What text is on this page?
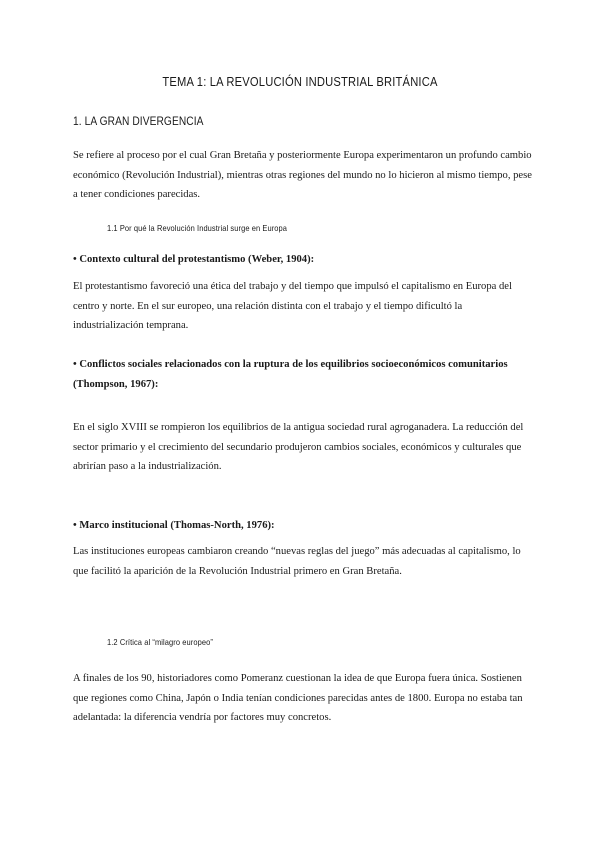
TEMA 1: LA REVOLUCIÓN INDUSTRIAL BRITÁNICA
1. LA GRAN DIVERGENCIA
Se refiere al proceso por el cual Gran Bretaña y posteriormente Europa experimentaron un profundo cambio económico (Revolución Industrial), mientras otras regiones del mundo no lo hicieron al mismo tiempo, pese a tener condiciones parecidas.
1.1 Por qué la Revolución Industrial surge en Europa
• Contexto cultural del protestantismo (Weber, 1904):
El protestantismo favoreció una ética del trabajo y del tiempo que impulsó el capitalismo en Europa del centro y norte. En el sur europeo, una relación distinta con el trabajo y el tiempo dificultó la industrialización temprana.
• Conflictos sociales relacionados con la ruptura de los equilibrios socioeconómicos comunitarios (Thompson, 1967):
En el siglo XVIII se rompieron los equilibrios de la antigua sociedad rural agroganadera. La reducción del sector primario y el crecimiento del secundario produjeron cambios sociales, económicos y culturales que abrirían paso a la industrialización.
• Marco institucional (Thomas-North, 1976):
Las instituciones europeas cambiaron creando “nuevas reglas del juego” más adecuadas al capitalismo, lo que facilitó la aparición de la Revolución Industrial primero en Gran Bretaña.
1.2 Crítica al “milagro europeo”
A finales de los 90, historiadores como Pomeranz cuestionan la idea de que Europa fuera única. Sostienen que regiones como China, Japón o India tenían condiciones parecidas antes de 1800. Europa no estaba tan adelantada: la diferencia vendría por factores muy concretos.
